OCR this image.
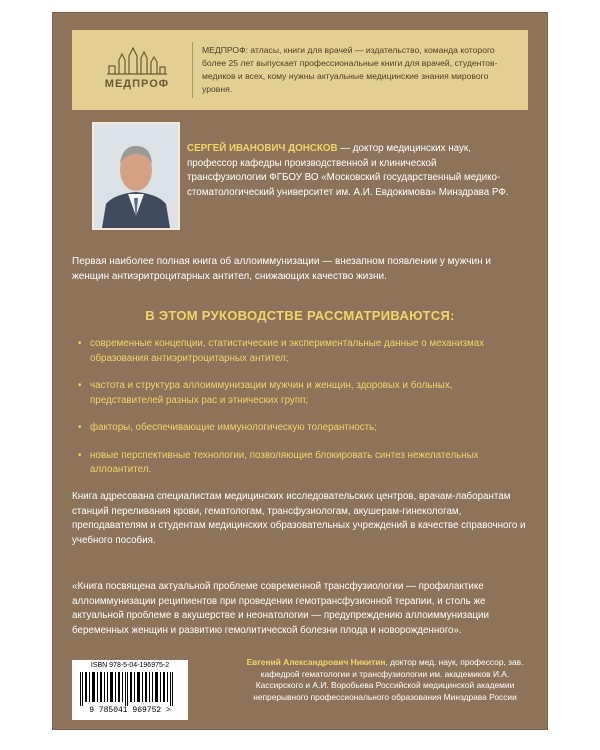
МЕДПРОФ
МЕДПРОФ: атласы, книги для врачей — издательство, команда которого более 25 лет выпускает профессиональные книги для врачей, студентов-медиков и всех, кому нужны актуальные медицинские знания мирового уровня.
СЕРГЕЙ ИВАНОВИЧ ДОНСКОВ — доктор медицинских наук, профессор кафедры производственной и клинической трансфузиологии ФГБОУ ВО «Московский государственный медико-стоматологический университет им. А.И. Евдокимова» Минздрава РФ.
Первая наиболее полная книга об аллоиммунизации — внезапном появлении у мужчин и женщин антиэритроцитарных антител, снижающих качество жизни.
В ЭТОМ РУКОВОДСТВЕ РАССМАТРИВАЮТСЯ:
• современные концепции, статистические и экспериментальные данные о механизмах образования антиэритроцитарных антител;
• частота и структура аллоиммунизации мужчин и женщин, здоровых и больных, представителей разных рас и этнических групп;
• факторы, обеспечивающие иммунологическую толерантность;
• новые перспективные технологии, позволяющие блокировать синтез нежелательных аллоантител.
Книга адресована специалистам медицинских исследовательских центров, врачам-лаборантам станций переливания крови, гематологам, трансфузиологам, акушерам-гинекологам, преподавателям и студентам медицинских образовательных учреждений в качестве справочного и учебного пособия.
«Книга посвящена актуальной проблеме современной трансфузиологии — профилактике аллоиммунизации реципиентов при проведении гемотрансфузионной терапии, и столь же актуальной проблеме в акушерстве и неонатологии — предупреждению аллоиммунизации беременных женщин и развитию гемолитической болезни плода и новорожденного».
ISBN 978-5-04-196975-2
9 785041 969752 >
Евгений Александрович Никитин, доктор мед. наук, профессор, зав. кафедрой гематологии и трансфузиологии им. академиков И.А. Кассирского и А.И. Воробьева Российской медицинской академии непрерывного профессионального образования Минздрава России
